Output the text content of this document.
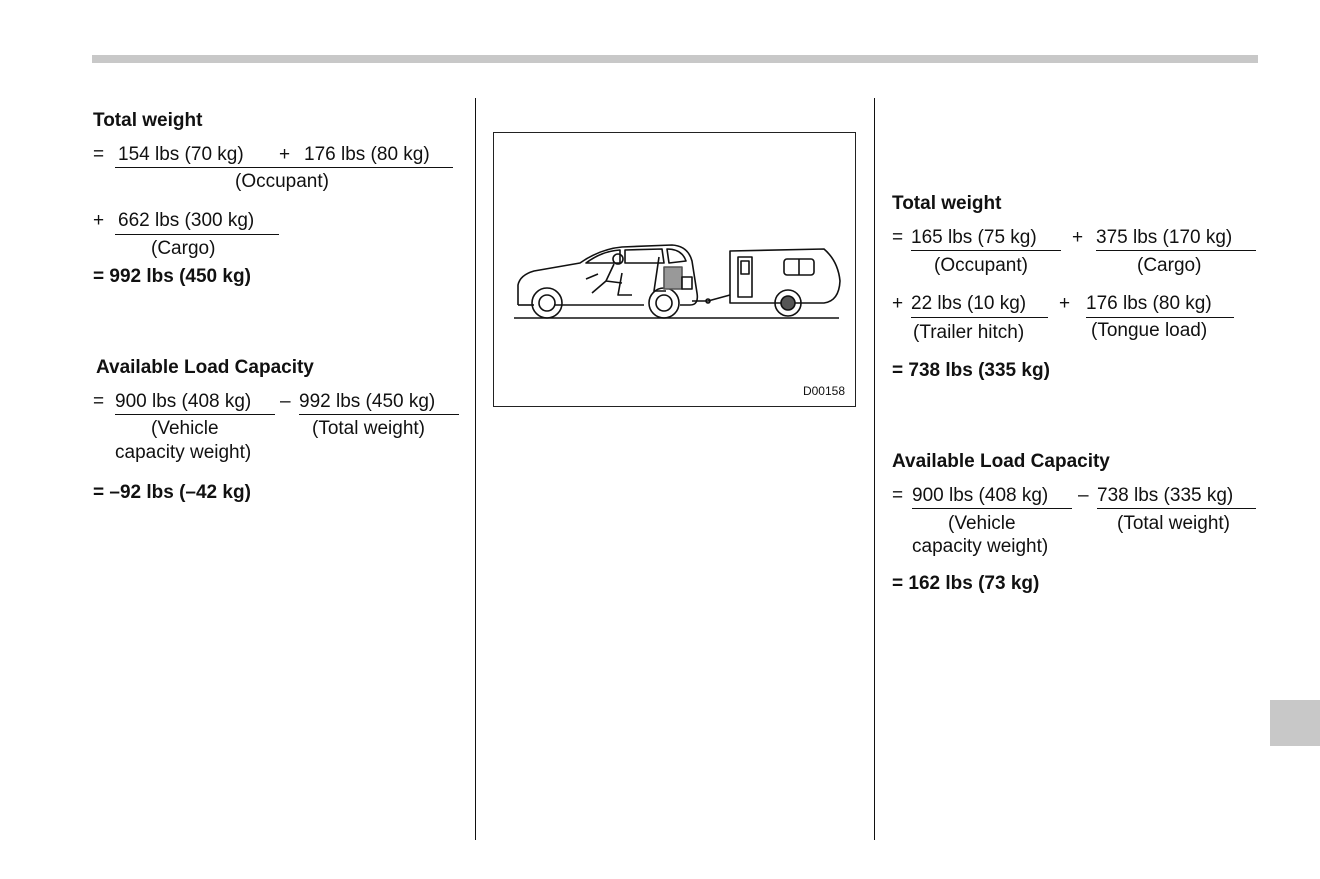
Total weight
= 154 lbs (70 kg) + 176 lbs (80 kg)
(Occupant)
+ 662 lbs (300 kg)
(Cargo)
= 992 lbs (450 kg)
Available Load Capacity
= 900 lbs (408 kg) – 992 lbs (450 kg)
(Vehicle	(Total weight)
capacity weight)
= –92 lbs (–42 kg)
D00158
Total weight
= 165 lbs (75 kg) + 375 lbs (170 kg)
(Occupant)	(Cargo)
+ 22 lbs (10 kg) + 176 lbs (80 kg)
(Trailer hitch)	(Tongue load)
= 738 lbs (335 kg)
Available Load Capacity
= 900 lbs (408 kg) – 738 lbs (335 kg)
(Vehicle	(Total weight)
capacity weight)
= 162 lbs (73 kg)
